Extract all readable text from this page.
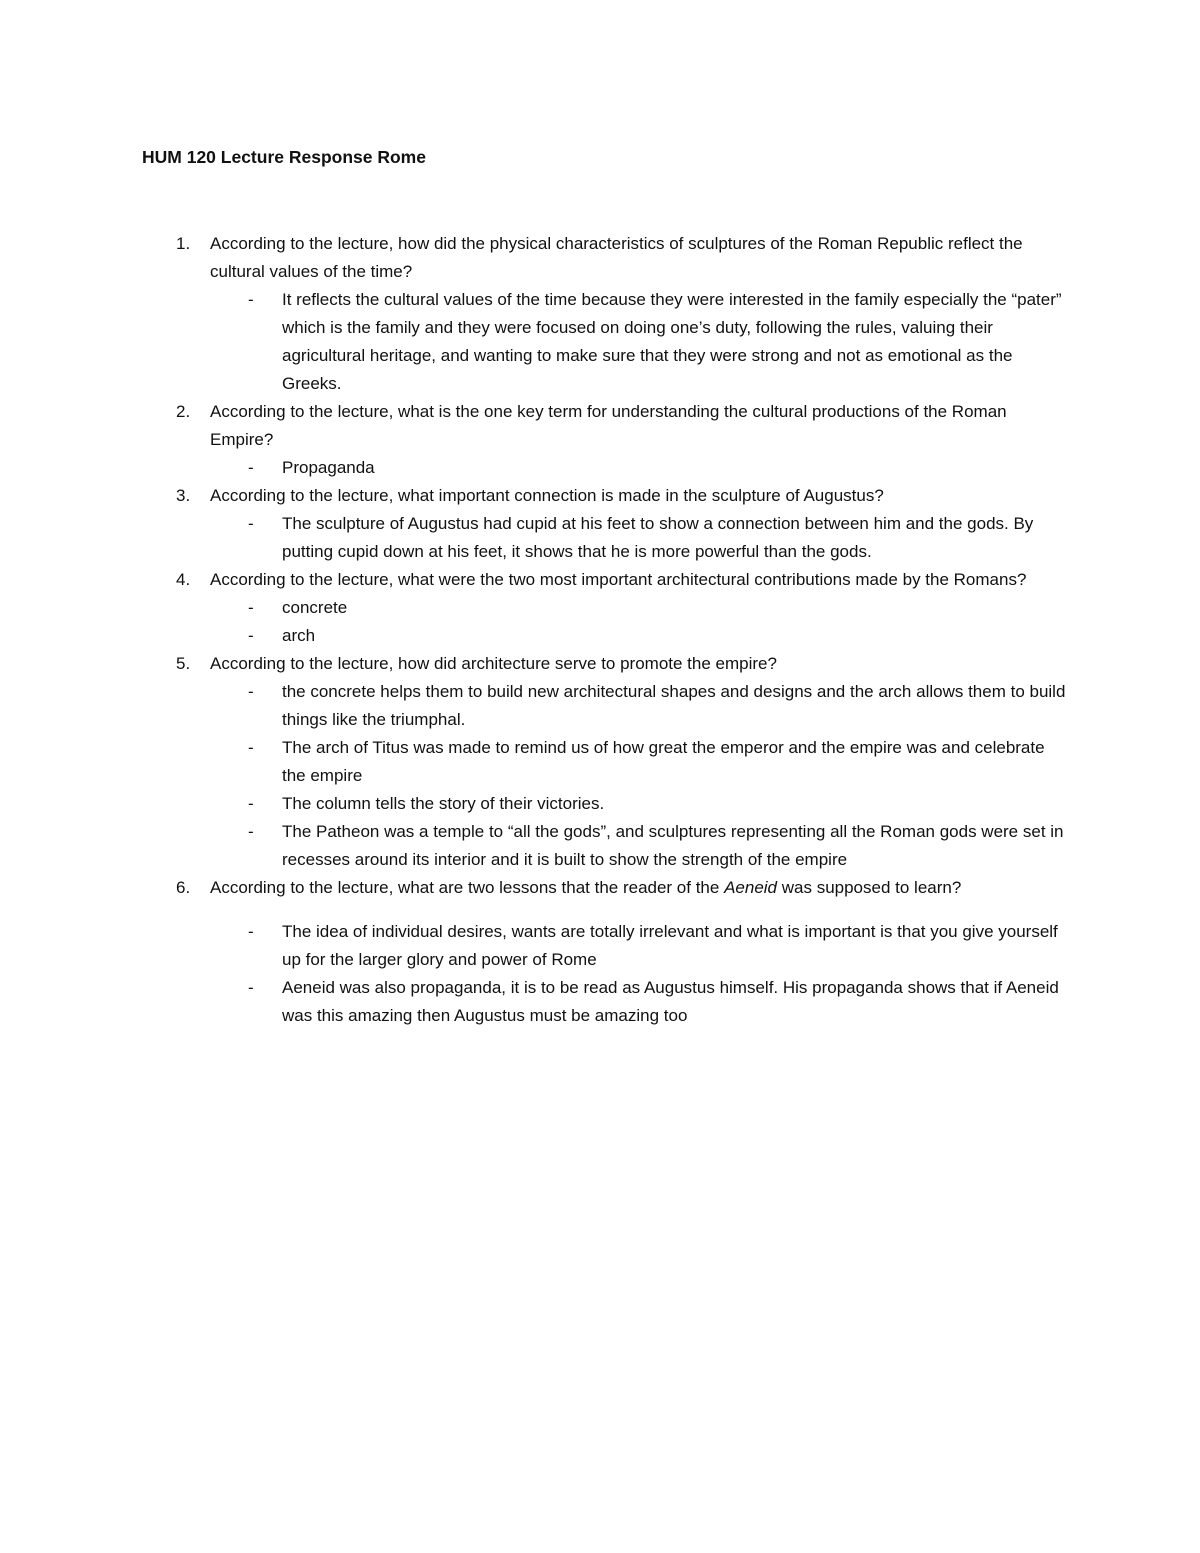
HUM 120 Lecture Response Rome
1.	According to the lecture, how did the physical characteristics of sculptures of the Roman Republic reflect the cultural values of the time?
- It reflects the cultural values of the time because they were interested in the family especially the “pater” which is the family and they were focused on doing one’s duty, following the rules, valuing their agricultural heritage, and wanting to make sure that they were strong and not as emotional as the Greeks.
2.	According to the lecture, what is the one key term for understanding the cultural productions of the Roman Empire?
- Propaganda
3.	According to the lecture, what important connection is made in the sculpture of Augustus?
- The sculpture of Augustus had cupid at his feet to show a connection between him and the gods. By putting cupid down at his feet, it shows that he is more powerful than the gods.
4.	According to the lecture, what were the two most important architectural contributions made by the Romans?
- concrete
- arch
5.	According to the lecture, how did architecture serve to promote the empire?
- the concrete helps them to build new architectural shapes and designs and the arch allows them to build things like the triumphal.
- The arch of Titus was made to remind us of how great the emperor and the empire was and celebrate the empire
- The column tells the story of their victories.
- The Patheon was a temple to “all the gods”, and sculptures representing all the Roman gods were set in recesses around its interior and it is built to show the strength of the empire
6.	According to the lecture, what are two lessons that the reader of the Aeneid was supposed to learn?
- The idea of individual desires, wants are totally irrelevant and what is important is that you give yourself up for the larger glory and power of Rome
- Aeneid was also propaganda, it is to be read as Augustus himself. His propaganda shows that if Aeneid was this amazing then Augustus must be amazing too
